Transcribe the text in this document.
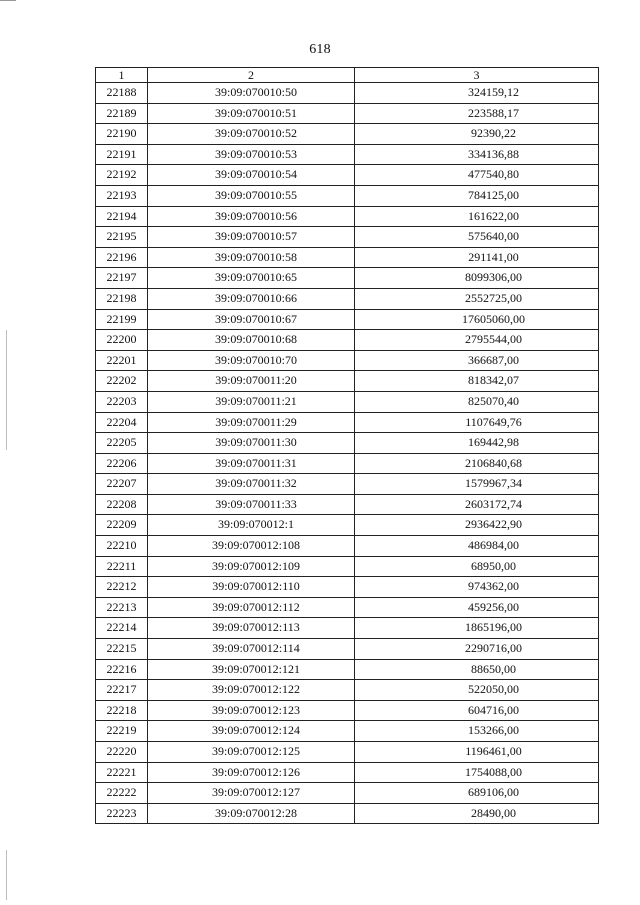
618
1	2	3
22188	39:09:070010:50	324159,12
22189	39:09:070010:51	223588,17
22190	39:09:070010:52	92390,22
22191	39:09:070010:53	334136,88
22192	39:09:070010:54	477540,80
22193	39:09:070010:55	784125,00
22194	39:09:070010:56	161622,00
22195	39:09:070010:57	575640,00
22196	39:09:070010:58	291141,00
22197	39:09:070010:65	8099306,00
22198	39:09:070010:66	2552725,00
22199	39:09:070010:67	17605060,00
22200	39:09:070010:68	2795544,00
22201	39:09:070010:70	366687,00
22202	39:09:070011:20	818342,07
22203	39:09:070011:21	825070,40
22204	39:09:070011:29	1107649,76
22205	39:09:070011:30	169442,98
22206	39:09:070011:31	2106840,68
22207	39:09:070011:32	1579967,34
22208	39:09:070011:33	2603172,74
22209	39:09:070012:1	2936422,90
22210	39:09:070012:108	486984,00
22211	39:09:070012:109	68950,00
22212	39:09:070012:110	974362,00
22213	39:09:070012:112	459256,00
22214	39:09:070012:113	1865196,00
22215	39:09:070012:114	2290716,00
22216	39:09:070012:121	88650,00
22217	39:09:070012:122	522050,00
22218	39:09:070012:123	604716,00
22219	39:09:070012:124	153266,00
22220	39:09:070012:125	1196461,00
22221	39:09:070012:126	1754088,00
22222	39:09:070012:127	689106,00
22223	39:09:070012:28	28490,00
